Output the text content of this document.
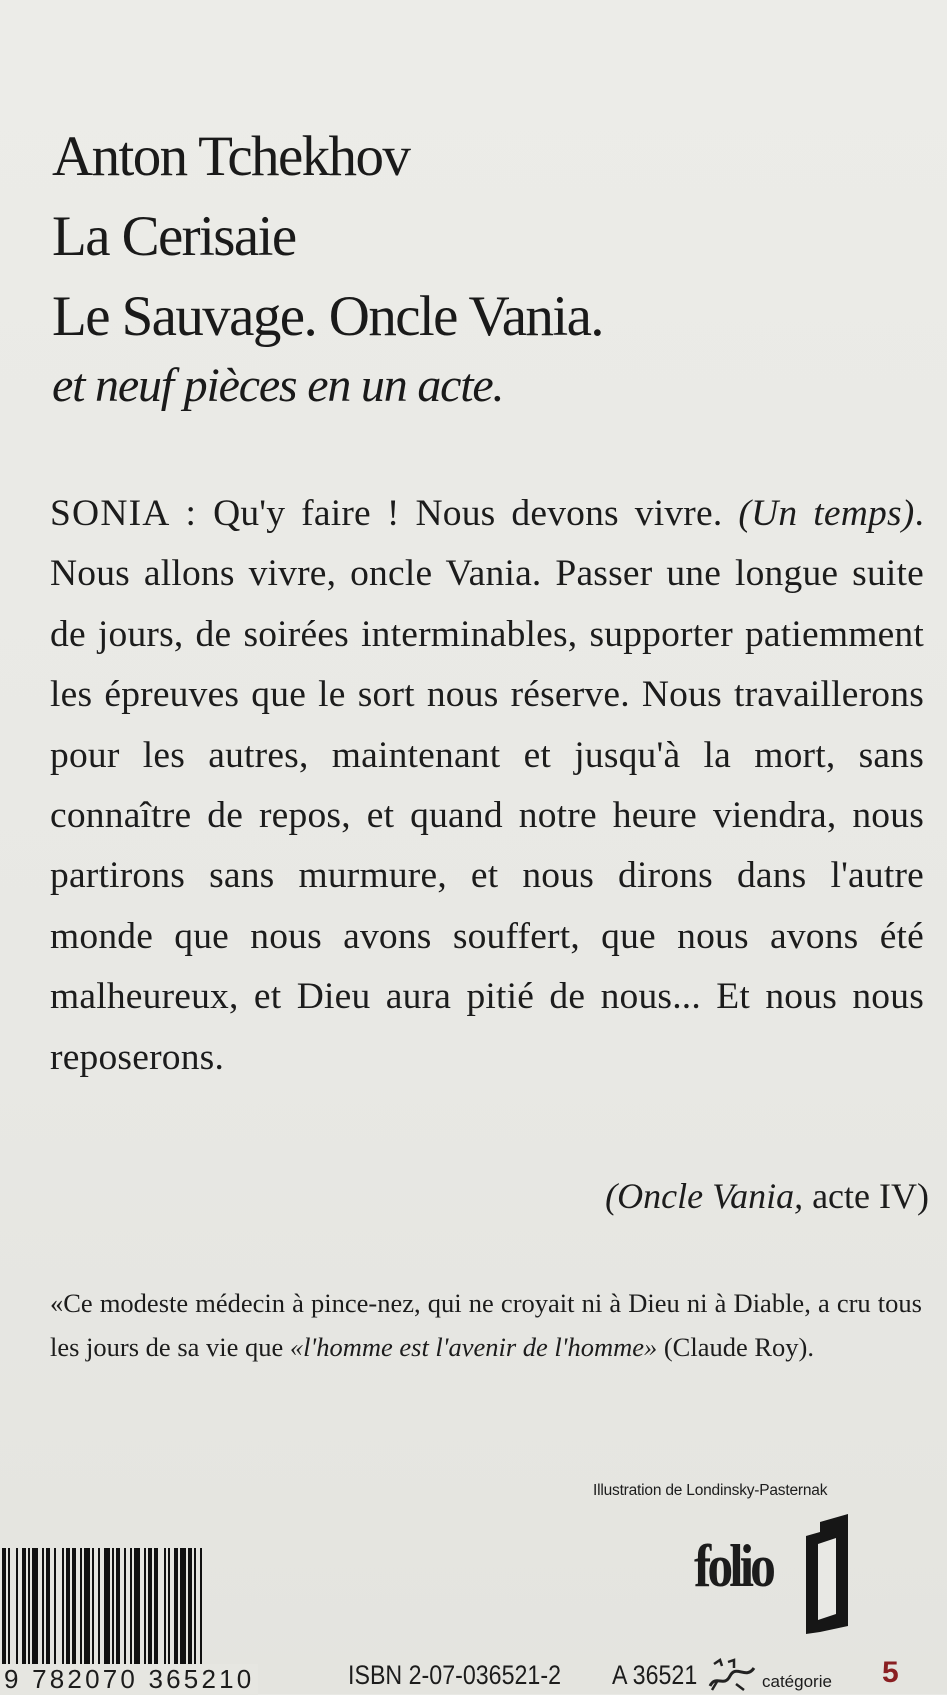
Anton Tchekhov
La Cerisaie
Le Sauvage. Oncle Vania.
et neuf pièces en un acte.

SONIA : Qu'y faire ! Nous devons vivre. (Un temps). Nous allons vivre, oncle Vania. Passer une longue suite de jours, de soirées interminables, supporter patiemment les épreuves que le sort nous réserve. Nous travaillerons pour les autres, maintenant et jusqu'à la mort, sans connaître de repos, et quand notre heure viendra, nous partirons sans murmure, et nous dirons dans l'autre monde que nous avons souffert, que nous avons été malheureux, et Dieu aura pitié de nous... Et nous nous reposerons.

(Oncle Vania, acte IV)
«Ce modeste médecin à pince-nez, qui ne croyait ni à Dieu ni à Diable, a cru tous les jours de sa vie que «l'homme est l'avenir de l'homme» (Claude Roy).
Illustration de Londinsky-Pasternak
9 782070 365210
folio
ISBN 2-07-036521-2 A 36521	catégorie 5
